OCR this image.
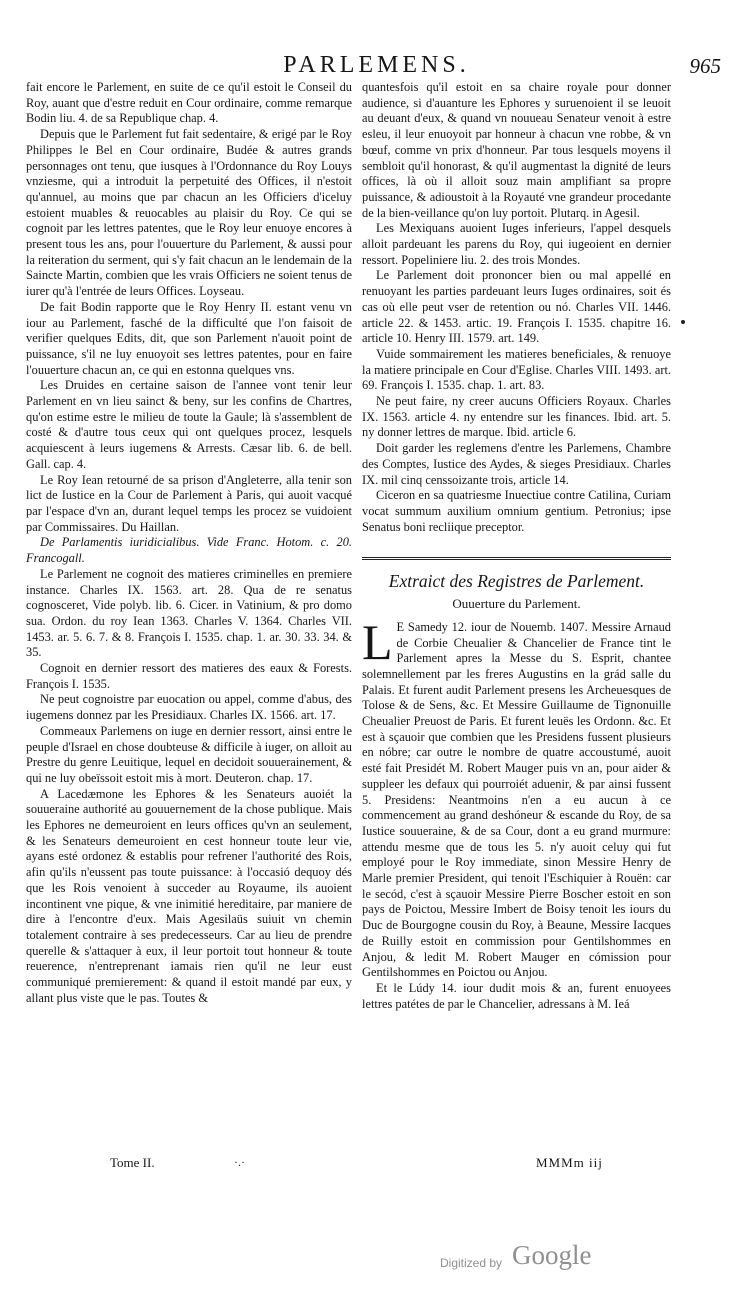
PARLEMENS.	965

fait encore le Parlement, en suite de ce qu'il estoit le Conseil du Roy, auant que d'estre reduit en Cour ordinaire, comme remarque Bodin liu. 4. de sa Republique chap. 4.

Depuis que le Parlement fut fait sedentaire, & erigé par le Roy Philippes le Bel en Cour ordinaire, Budée & autres grands personnages ont tenu, que iusques à l'Ordonnance du Roy Louys vnziesme, qui a introduit la perpetuité des Offices, il n'estoit qu'annuel, au moins que par chacun an les Officiers d'iceluy estoient muables & reuocables au plaisir du Roy. Ce qui se cognoit par les lettres patentes, que le Roy leur enuoye encores à present tous les ans, pour l'ouuerture du Parlement, & aussi pour la reiteration du serment, qui s'y fait chacun an le lendemain de la Saincte Martin, combien que les vrais Officiers ne soient tenus de iurer qu'à l'entrée de leurs Offices. Loyseau.

De fait Bodin rapporte que le Roy Henry II. estant venu vn iour au Parlement, fasché de la difficulté que l'on faisoit de verifier quelques Edits, dit, que son Parlement n'auoit point de puissance, s'il ne luy enuoyoit ses lettres patentes, pour en faire l'ouuerture chacun an, ce qui en estonna quelques vns.

Les Druides en certaine saison de l'annee vont tenir leur Parlement en vn lieu sainct & beny, sur les confins de Chartres, qu'on estime estre le milieu de toute la Gaule; là s'assemblent de costé & d'autre tous ceux qui ont quelques procez, lesquels acquiescent à leurs iugemens & Arrests. Cæsar lib. 6. de bell. Gall. cap. 4.

Le Roy Iean retourné de sa prison d'Angleterre, alla tenir son lict de Iustice en la Cour de Parlement à Paris, qui auoit vacqué par l'espace d'vn an, durant lequel temps les procez se vuidoient par Commissaires. Du Haillan.

De Parlamentis iuridicialibus. Vide Franc. Hotom. c. 20. Francogall.

Le Parlement ne cognoit des matieres criminelles en premiere instance. Charles IX. 1563. art. 28. Qua de re senatus cognosceret, Vide polyb. lib. 6. Cicer. in Vatinium, & pro domo sua. Ordon. du roy Iean 1363. Charles V. 1364. Charles VII. 1453. ar. 5. 6. 7. & 8. François I. 1535. chap. 1. ar. 30. 33. 34. & 35.

Cognoit en dernier ressort des matieres des eaux & Forests. François I. 1535.

Ne peut cognoistre par euocation ou appel, comme d'abus, des iugemens donnez par les Presidiaux. Charles IX. 1566. art. 17.

Commeaux Parlemens on iuge en dernier ressort, ainsi entre le peuple d'Israel en chose doubteuse & difficile à iuger, on alloit au Prestre du genre Leuitique, lequel en decidoit souuerainement, & qui ne luy obeïssoit estoit mis à mort. Deuteron. chap. 17.

A Lacedæmone les Ephores & les Senateurs auoiét la souueraine authorité au gouuernement de la chose publique. Mais les Ephores ne demeuroient en leurs offices qu'vn an seulement, & les Senateurs demeuroient en cest honneur toute leur vie, ayans esté ordonez & establis pour refrener l'authorité des Rois, afin qu'ils n'eussent pas toute puissance: à l'occasió dequoy dés que les Rois venoient à succeder au Royaume, ils auoient incontinent vne pique, & vne inimitié hereditaire, par maniere de dire à l'encontre d'eux. Mais Agesilaüs suiuit vn chemin totalement contraire à ses predecesseurs. Car au lieu de prendre querelle & s'attaquer à eux, il leur portoit tout honneur & toute reuerence, n'entreprenant iamais rien qu'il ne leur eust communiqué premierement: & quand il estoit mandé par eux, y allant plus viste que le pas. Toutes &

quantesfois qu'il estoit en sa chaire royale pour donner audience, si d'auanture les Ephores y suruenoient il se leuoit au deuant d'eux, & quand vn nouueau Senateur venoit à estre esleu, il leur enuoyoit par honneur à chacun vne robbe, & vn bœuf, comme vn prix d'honneur. Par tous lesquels moyens il sembloit qu'il honorast, & qu'il augmentast la dignité de leurs offices, là où il alloit souz main amplifiant sa propre puissance, & adioustoit à la Royauté vne grandeur procedante de la bien-veillance qu'on luy portoit. Plutarq. in Agesil.

Les Mexiquans auoient Iuges inferieurs, l'appel desquels alloit pardeuant les parens du Roy, qui iugeoient en dernier ressort. Popeliniere liu. 2. des trois Mondes.

Le Parlement doit prononcer bien ou mal appellé en renuoyant les parties pardeuant leurs Iuges ordinaires, soit és cas où elle peut vser de retention ou nó. Charles VII. 1446. article 22. & 1453. artic. 19. François I. 1535. chapitre 16. article 10. Henry III. 1579. art. 149.

Vuide sommairement les matieres beneficiales, & renuoye la matiere principale en Cour d'Eglise. Charles VIII. 1493. art. 69. François I. 1535. chap. 1. art. 83.

Ne peut faire, ny creer aucuns Officiers Royaux. Charles IX. 1563. article 4. ny entendre sur les finances. Ibid. art. 5. ny donner lettres de marque. Ibid. article 6.

Doit garder les reglemens d'entre les Parlemens, Chambre des Comptes, Iustice des Aydes, & sieges Presidiaux. Charles IX. mil cinq censsoizante trois, article 14.

Ciceron en sa quatriesme Inuectiue contre Catilina, Curiam vocat summum auxilium omnium gentium. Petronius; ipse Senatus boni recliique preceptor.

Extraict des Registres de Parlement.
Ouuerture du Parlement.

L E Samedy 12. iour de Nouemb. 1407. Messire Arnaud de Corbie Cheualier & Chancelier de France tint le Parlement apres la Messe du S. Esprit, chantee solemnellement par les freres Augustins en la grád salle du Palais. Et furent audit Parlement presens les Archeuesques de Tolose & de Sens, &c. Et Messire Guillaume de Tignonuille Cheualier Preuost de Paris. Et furent leuës les Ordonn. &c. Et est à sçauoir que combien que les Presidens fussent plusieurs en nóbre; car outre le nombre de quatre accoustumé, auoit esté fait Presidét M. Robert Mauger puis vn an, pour aider & suppleer les defaux qui pourroiét aduenir, & par ainsi fussent 5. Presidens: Neantmoins n'en a eu aucun à ce commencement au grand deshóneur & escande du Roy, de sa Iustice souueraine, & de sa Cour, dont a eu grand murmure: attendu mesme que de tous les 5. n'y auoit celuy qui fut employé pour le Roy immediate, sinon Messire Henry de Marle premier President, qui tenoit l'Eschiquier à Rouën: car le secód, c'est à sçauoir Messire Pierre Boscher estoit en son pays de Poictou, Messire Imbert de Boisy tenoit les iours du Duc de Bourgogne cousin du Roy, à Beaune, Messire Iacques de Ruilly estoit en commission pour Gentilshommes en Anjou, & ledit M. Robert Mauger en cómission pour Gentilshommes en Poictou ou Anjou.

Et le Lúdy 14. iour dudit mois & an, furent enuoyees lettres patétes de par le Chancelier, adressans à M. Ieá

Tome II.	·.·	MMMm iij
Digitized by Google
